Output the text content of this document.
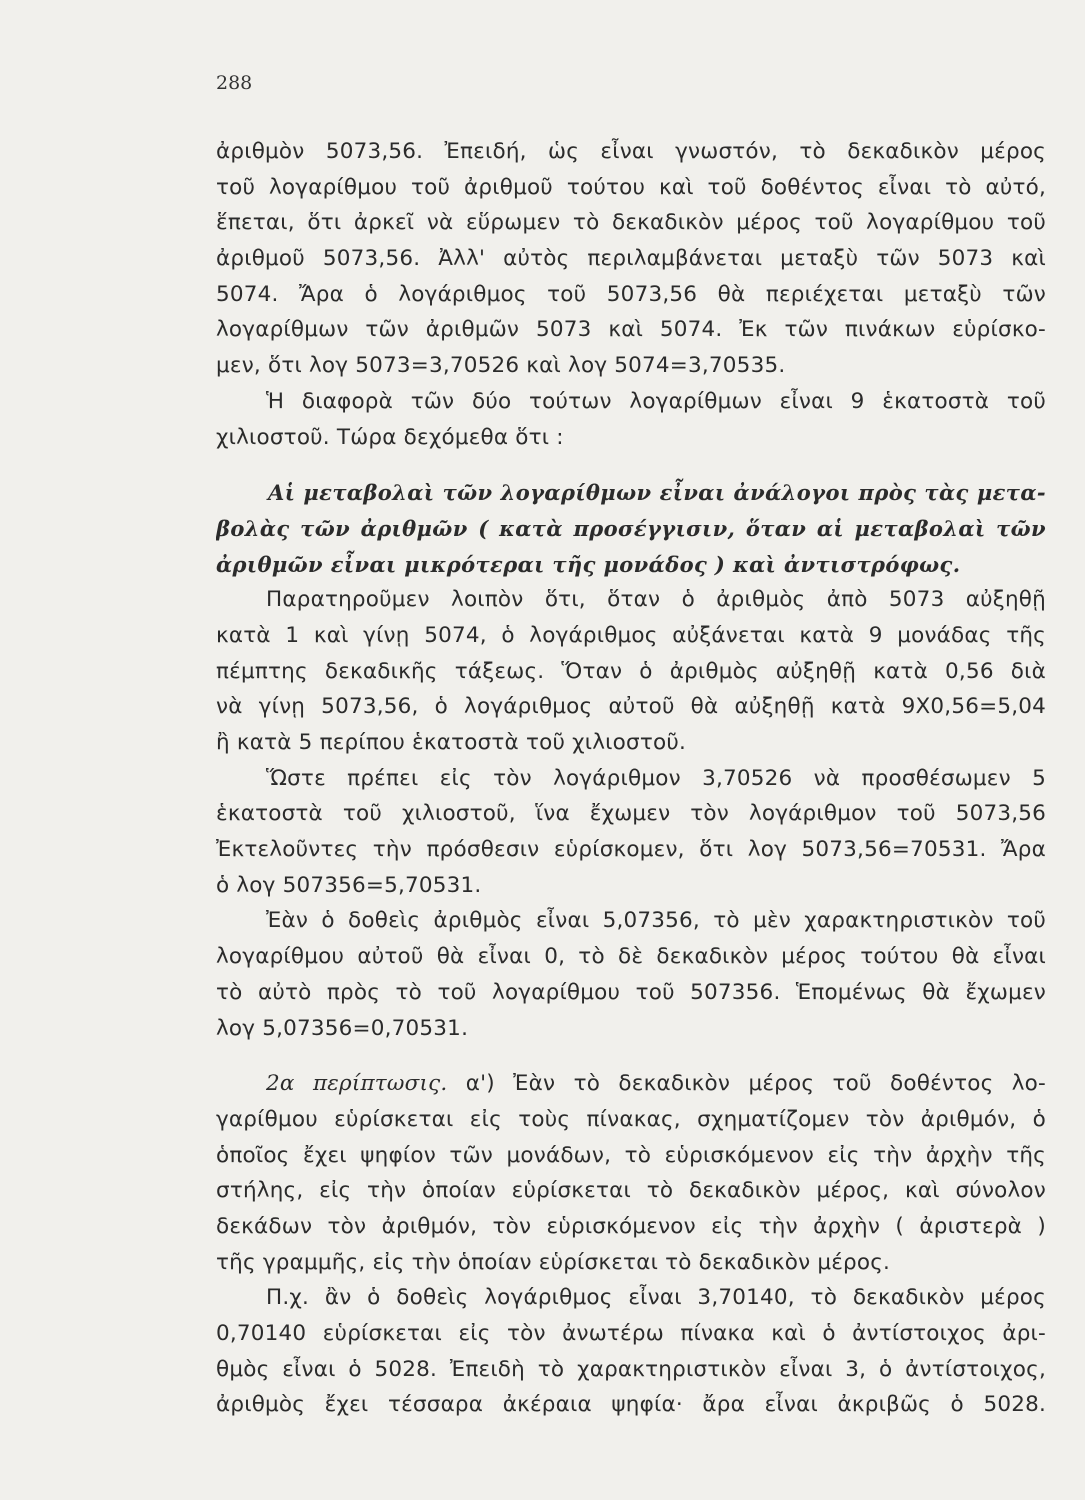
288
ἀριθμὸν 5073,56. Ἐπειδή, ὡς εἶναι γνωστόν, τὸ δεκαδικὸν μέρος
τοῦ λογαρίθμου τοῦ ἀριθμοῦ τούτου καὶ τοῦ δοθέντος εἶναι τὸ αὐτό,
ἕπεται, ὅτι ἀρκεῖ νὰ εὕρωμεν τὸ δεκαδικὸν μέρος τοῦ λογαρίθμου τοῦ
ἀριθμοῦ 5073,56. Ἀλλ' αὐτὸς περιλαμβάνεται μεταξὺ τῶν 5073 καὶ
5074. Ἄρα ὁ λογάριθμος τοῦ 5073,56 θὰ περιέχεται μεταξὺ τῶν
λογαρίθμων τῶν ἀριθμῶν 5073 καὶ 5074. Ἐκ τῶν πινάκων εὑρίσκο-
μεν, ὅτι λογ 5073=3,70526 καὶ λογ 5074=3,70535.
Ἡ διαφορὰ τῶν δύο τούτων λογαρίθμων εἶναι 9 ἑκατοστὰ τοῦ
χιλιοστοῦ. Τώρα δεχόμεθα ὅτι :
Αἱ μεταβολαὶ τῶν λογαρίθμων εἶναι ἀνάλογοι πρὸς τὰς μετα-
βολὰς τῶν ἀριθμῶν ( κατὰ προσέγγισιν, ὅταν αἱ μεταβολαὶ τῶν
ἀριθμῶν εἶναι μικρότεραι τῆς μονάδος ) καὶ ἀντιστρόφως.
Παρατηροῦμεν λοιπὸν ὅτι, ὅταν ὁ ἀριθμὸς ἀπὸ 5073 αὐξηθῇ
κατὰ 1 καὶ γίνῃ 5074, ὁ λογάριθμος αὐξάνεται κατὰ 9 μονάδας τῆς
πέμπτης δεκαδικῆς τάξεως. Ὅταν ὁ ἀριθμὸς αὐξηθῇ κατὰ 0,56 διὰ
νὰ γίνῃ 5073,56, ὁ λογάριθμος αὐτοῦ θὰ αὐξηθῇ κατὰ 9Χ0,56=5,04
ἢ κατὰ 5 περίπου ἑκατοστὰ τοῦ χιλιοστοῦ.
Ὥστε πρέπει εἰς τὸν λογάριθμον 3,70526 νὰ προσθέσωμεν 5
ἑκατοστὰ τοῦ χιλιοστοῦ, ἵνα ἔχωμεν τὸν λογάριθμον τοῦ 5073,56
Ἐκτελοῦντες τὴν πρόσθεσιν εὑρίσκομεν, ὅτι λογ 5073,56=70531. Ἄρα
ὁ λογ 507356=5,70531.
Ἐὰν ὁ δοθεὶς ἀριθμὸς εἶναι 5,07356, τὸ μὲν χαρακτηριστικὸν τοῦ
λογαρίθμου αὐτοῦ θὰ εἶναι 0, τὸ δὲ δεκαδικὸν μέρος τούτου θὰ εἶναι
τὸ αὐτὸ πρὸς τὸ τοῦ λογαρίθμου τοῦ 507356. Ἑπομένως θὰ ἔχωμεν
λογ 5,07356=0,70531.
2α περίπτωσις. α') Ἐὰν τὸ δεκαδικὸν μέρος τοῦ δοθέντος λο-
γαρίθμου εὑρίσκεται εἰς τοὺς πίνακας, σχηματίζομεν τὸν ἀριθμόν, ὁ
ὁποῖος ἔχει ψηφίον τῶν μονάδων, τὸ εὑρισκόμενον εἰς τὴν ἀρχὴν τῆς
στήλης, εἰς τὴν ὁποίαν εὑρίσκεται τὸ δεκαδικὸν μέρος, καὶ σύνολον
δεκάδων τὸν ἀριθμόν, τὸν εὑρισκόμενον εἰς τὴν ἀρχὴν ( ἀριστερὰ )
τῆς γραμμῆς, εἰς τὴν ὁποίαν εὑρίσκεται τὸ δεκαδικὸν μέρος.
Π.χ. ἂν ὁ δοθεὶς λογάριθμος εἶναι 3,70140, τὸ δεκαδικὸν μέρος
0,70140 εὑρίσκεται εἰς τὸν ἀνωτέρω πίνακα καὶ ὁ ἀντίστοιχος ἀρι-
θμὸς εἶναι ὁ 5028. Ἐπειδὴ τὸ χαρακτηριστικὸν εἶναι 3, ὁ ἀντίστοιχος,
ἀριθμὸς ἔχει τέσσαρα ἀκέραια ψηφία· ἄρα εἶναι ἀκριβῶς ὁ 5028.
